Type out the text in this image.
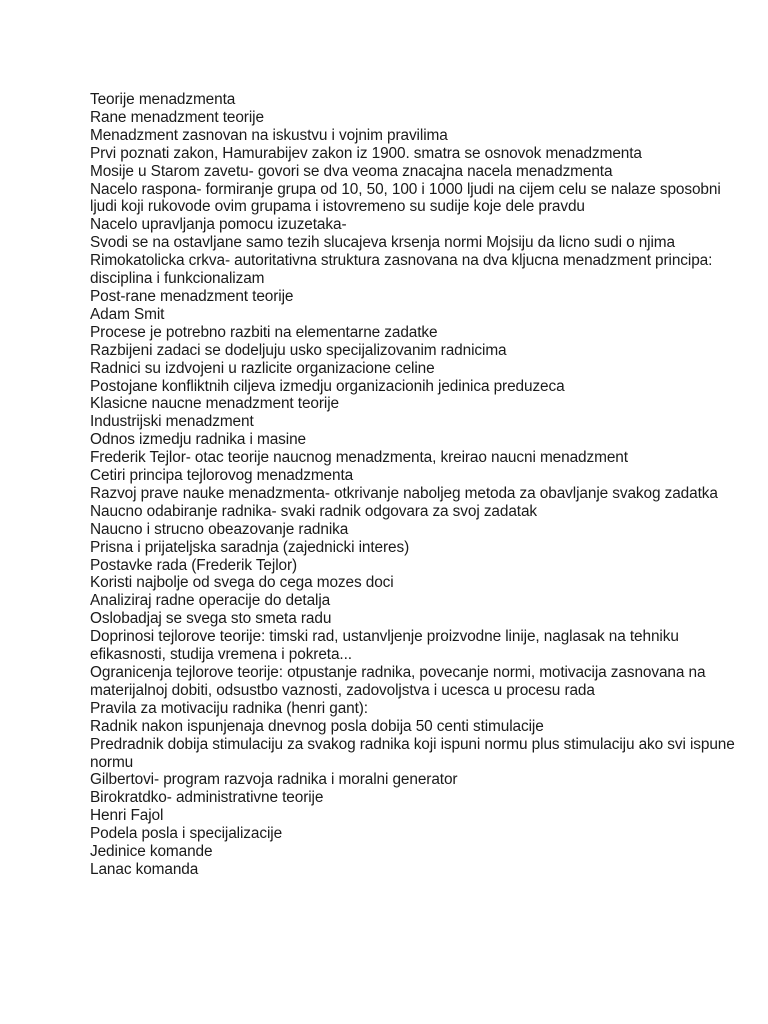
Teorije menadzmenta
Rane menadzment teorije
Menadzment zasnovan na iskustvu i vojnim pravilima
Prvi poznati zakon, Hamurabijev zakon iz 1900. smatra se osnovok menadzmenta
Mosije u Starom zavetu- govori se dva veoma znacajna nacela menadzmenta
Nacelo raspona- formiranje grupa od 10, 50, 100 i 1000 ljudi na cijem celu se nalaze sposobni ljudi koji rukovode ovim grupama i istovremeno su sudije koje dele pravdu
Nacelo upravljanja pomocu izuzetaka-
Svodi se na ostavljane samo tezih slucajeva krsenja normi Mojsiju da licno sudi o njima
Rimokatolicka crkva- autoritativna struktura zasnovana na dva kljucna menadzment principa: disciplina i funkcionalizam
Post-rane menadzment teorije
Adam Smit
Procese je potrebno razbiti na elementarne zadatke
Razbijeni zadaci se dodeljuju usko specijalizovanim radnicima
Radnici su izdvojeni u razlicite organizacione celine
Postojane konfliktnih ciljeva izmedju organizacionih jedinica preduzeca
Klasicne naucne menadzment teorije
Industrijski menadzment
Odnos izmedju radnika i masine
Frederik Tejlor- otac teorije naucnog menadzmenta, kreirao naucni menadzment
Cetiri principa tejlorovog menadzmenta
Razvoj prave nauke menadzmenta- otkrivanje naboljeg metoda za obavljanje svakog zadatka
Naucno odabiranje radnika- svaki radnik odgovara za svoj zadatak
Naucno i strucno obeazovanje radnika
Prisna i prijateljska saradnja (zajednicki interes)
Postavke rada (Frederik Tejlor)
Koristi najbolje od svega do cega mozes doci
Analiziraj radne operacije do detalja
Oslobadjaj se svega sto smeta radu
Doprinosi tejlorove teorije: timski rad, ustanvljenje proizvodne linije, naglasak na tehniku efikasnosti, studija vremena i pokreta...
Ogranicenja tejlorove teorije: otpustanje radnika, povecanje normi, motivacija zasnovana na materijalnoj dobiti, odsustbo vaznosti, zadovoljstva i ucesca u procesu rada
Pravila za motivaciju radnika (henri gant):
Radnik nakon ispunjenaja dnevnog posla dobija 50 centi stimulacije
Predradnik dobija stimulaciju za svakog radnika koji ispuni normu plus stimulaciju ako svi ispune normu
Gilbertovi- program razvoja radnika i moralni generator
Birokratdko- administrativne teorije
Henri Fajol
Podela posla i specijalizacije
Jedinice komande
Lanac komanda
